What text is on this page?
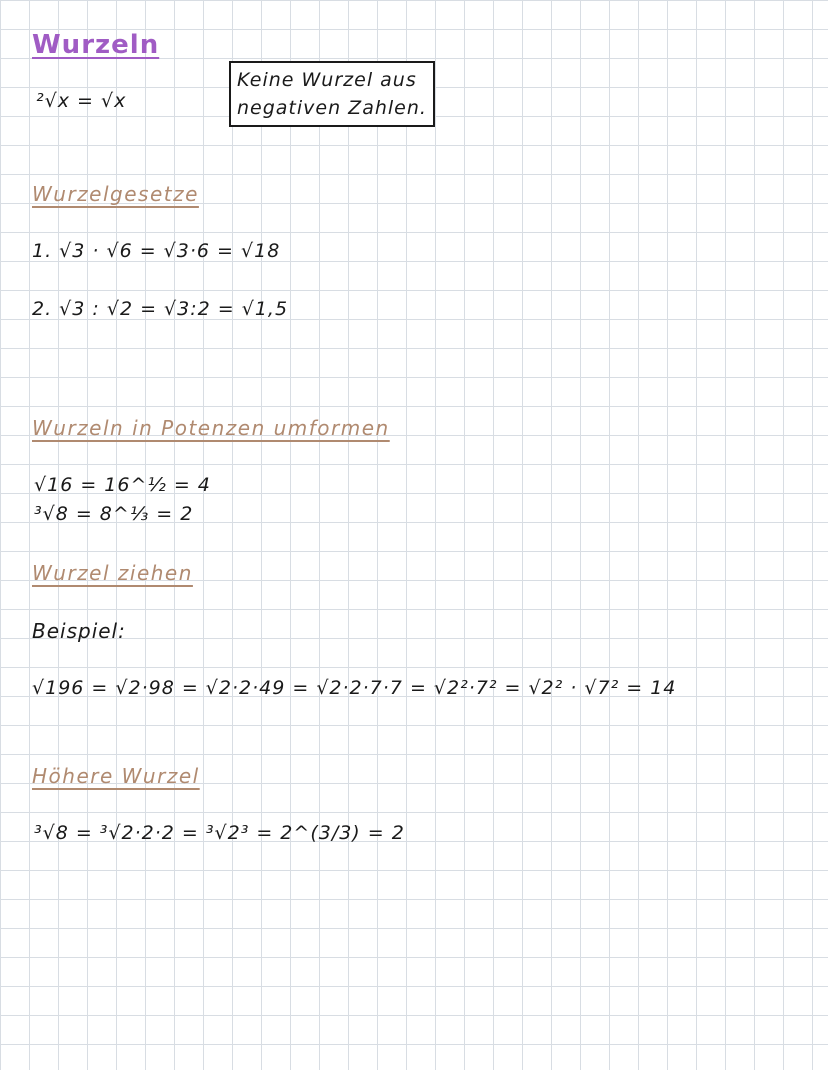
Wurzeln
²√x = √x
Keine Wurzel aus
negativen Zahlen.
Wurzelgesetze
1. √3 · √6 = √3·6 = √18
2. √3 : √2 = √3:2 = √1,5
Wurzeln in Potenzen umformen
√16 = 16^½ = 4
³√8 = 8^⅓ = 2
Wurzel ziehen
Beispiel:
√196 = √2·98 = √2·2·49 = √2·2·7·7 = √2²·7² = √2² · √7² = 14
Höhere Wurzel
³√8 = ³√2·2·2 = ³√2³ = 2^(3/3) = 2
